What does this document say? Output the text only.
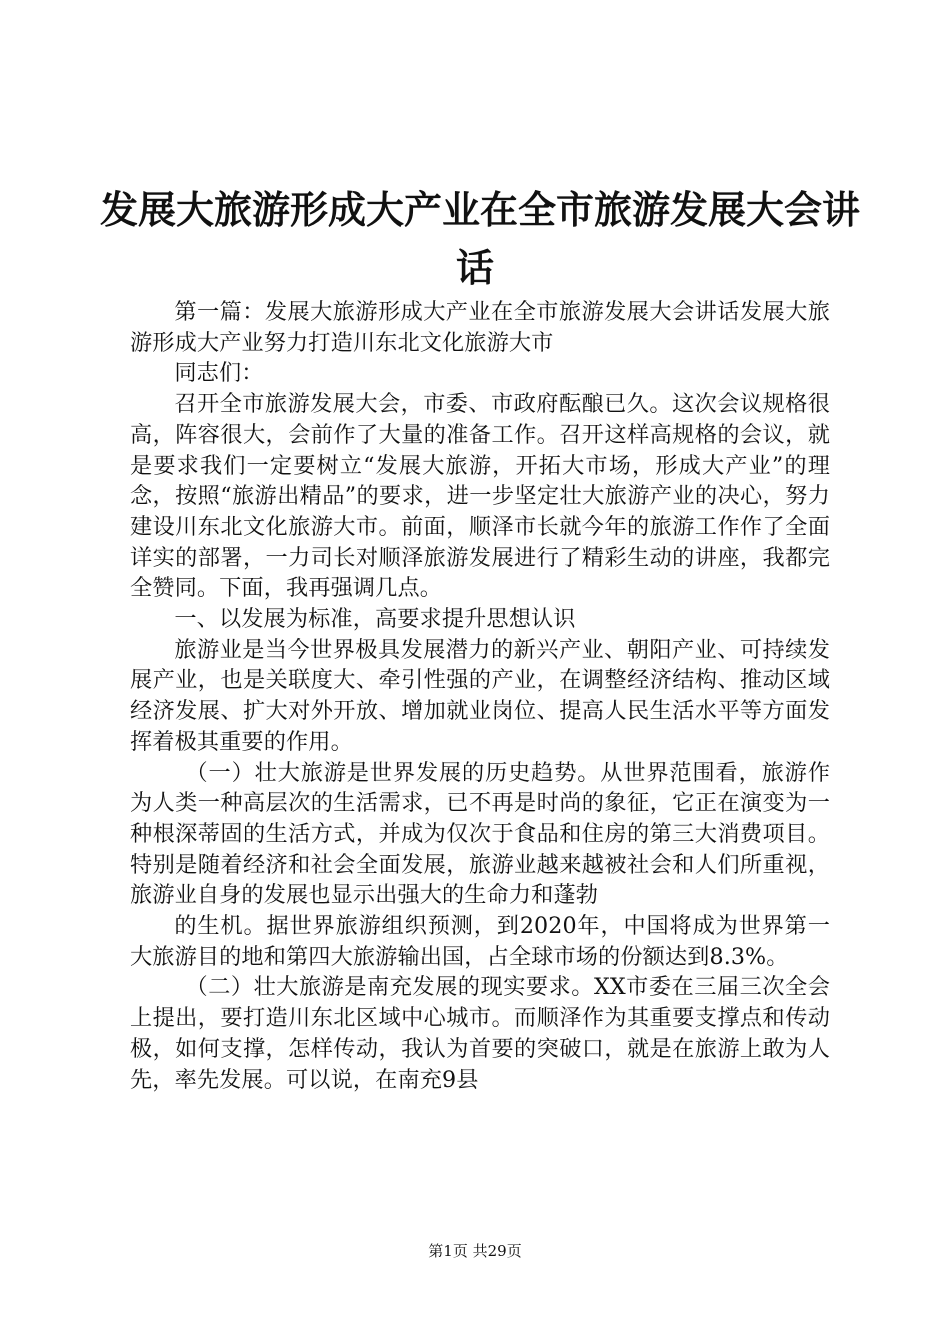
发展大旅游形成大产业在全市旅游发展大会讲
话

第一篇：发展大旅游形成大产业在全市旅游发展大会讲话发展大旅游形成大产业努力打造川东北文化旅游大市

同志们：

召开全市旅游发展大会，市委、市政府酝酿已久。这次会议规格很高，阵容很大，会前作了大量的准备工作。召开这样高规格的会议，就是要求我们一定要树立“发展大旅游，开拓大市场，形成大产业”的理念，按照“旅游出精品”的要求，进一步坚定壮大旅游产业的决心，努力建设川东北文化旅游大市。前面，顺泽市长就今年的旅游工作作了全面详实的部署，一力司长对顺泽旅游发展进行了精彩生动的讲座，我都完全赞同。下面，我再强调几点。

一、以发展为标准，高要求提升思想认识

旅游业是当今世界极具发展潜力的新兴产业、朝阳产业、可持续发展产业，也是关联度大、牵引性强的产业，在调整经济结构、推动区域经济发展、扩大对外开放、增加就业岗位、提高人民生活水平等方面发挥着极其重要的作用。

（一）壮大旅游是世界发展的历史趋势。从世界范围看，旅游作为人类一种高层次的生活需求，已不再是时尚的象征，它正在演变为一种根深蒂固的生活方式，并成为仅次于食品和住房的第三大消费项目。特别是随着经济和社会全面发展，旅游业越来越被社会和人们所重视，旅游业自身的发展也显示出强大的生命力和蓬勃

的生机。据世界旅游组织预测，到2020年，中国将成为世界第一大旅游目的地和第四大旅游输出国，占全球市场的份额达到8.3%。

（二）壮大旅游是南充发展的现实要求。XX市委在三届三次全会上提出，要打造川东北区域中心城市。而顺泽作为其重要支撑点和传动极，如何支撑，怎样传动，我认为首要的突破口，就是在旅游上敢为人先，率先发展。可以说，在南充9县

第1页 共29页
